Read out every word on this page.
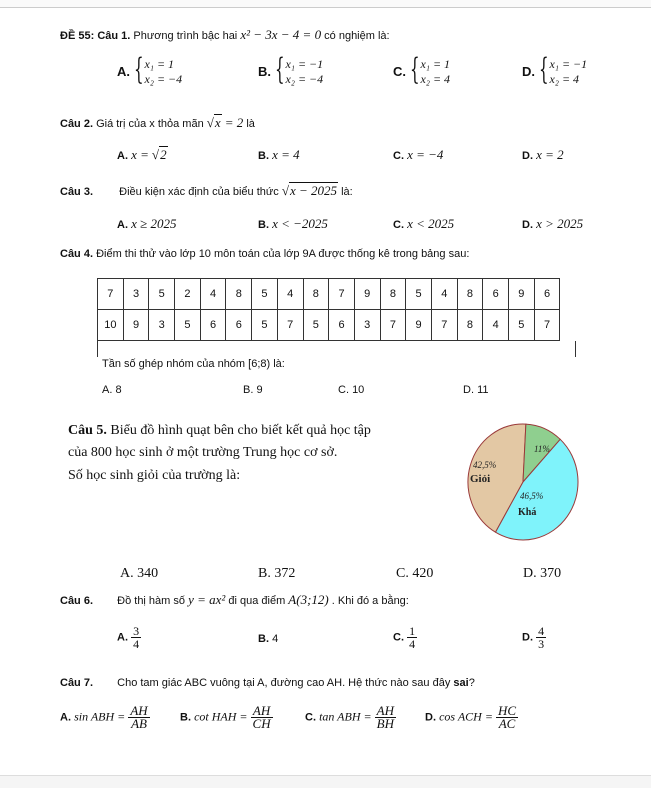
ĐỀ 55: Câu 1. Phương trình bậc hai x² − 3x − 4 = 0 có nghiệm là:
A. { x₁ = 1
x₂ = −4	B. { x₁ = −1
x₂ = −4	C. { x₁ = 1
x₂ = 4	D. { x₁ = −1
x₂ = 4
Câu 2. Giá trị của x thỏa mãn √x = 2 là
A. x = √2	B. x = 4	C. x = −4	D. x = 2
Câu 3. Điều kiện xác định của biểu thức √x − 2025 là:
A. x ≥ 2025	B. x < −2025	C. x < 2025	D. x > 2025
Câu 4. Điểm thi thử vào lớp 10 môn toán của lớp 9A được thống kê trong bảng sau:
7	3	5	2	4	8	5	4	8	7	9	8	5	4	8	6	9	6
10	9	3	5	6	6	5	7	5	6	3	7	9	7	8	4	5	7
Tần số ghép nhóm của nhóm [6;8) là:
A. 8	B. 9	C. 10	D. 11
Câu 5. Biểu đồ hình quạt bên cho biết kết quả học tập
của 800 học sinh ở một trường Trung học cơ sở.
Số học sinh giỏi của trường là:
42,5%
Giỏi
11%
46,5%
Khá
A. 340	B. 372	C. 420	D. 370
Câu 6. Đồ thị hàm số y = ax² đi qua điểm A(3;12) . Khi đó a bằng:
A. $\frac{3}{4}$	B. 4	C. $\frac{1}{4}$	D. $\frac{4}{3}$
Câu 7. Cho tam giác ABC vuông tại A, đường cao AH. Hệ thức nào sau đây sai?
A. sin ABH = $\frac{AH}{AB}$	B. cot HAH = $\frac{AH}{CH}$	C. tan ABH = $\frac{AH}{BH}$	D. cos ACH = $\frac{HC}{AC}$
